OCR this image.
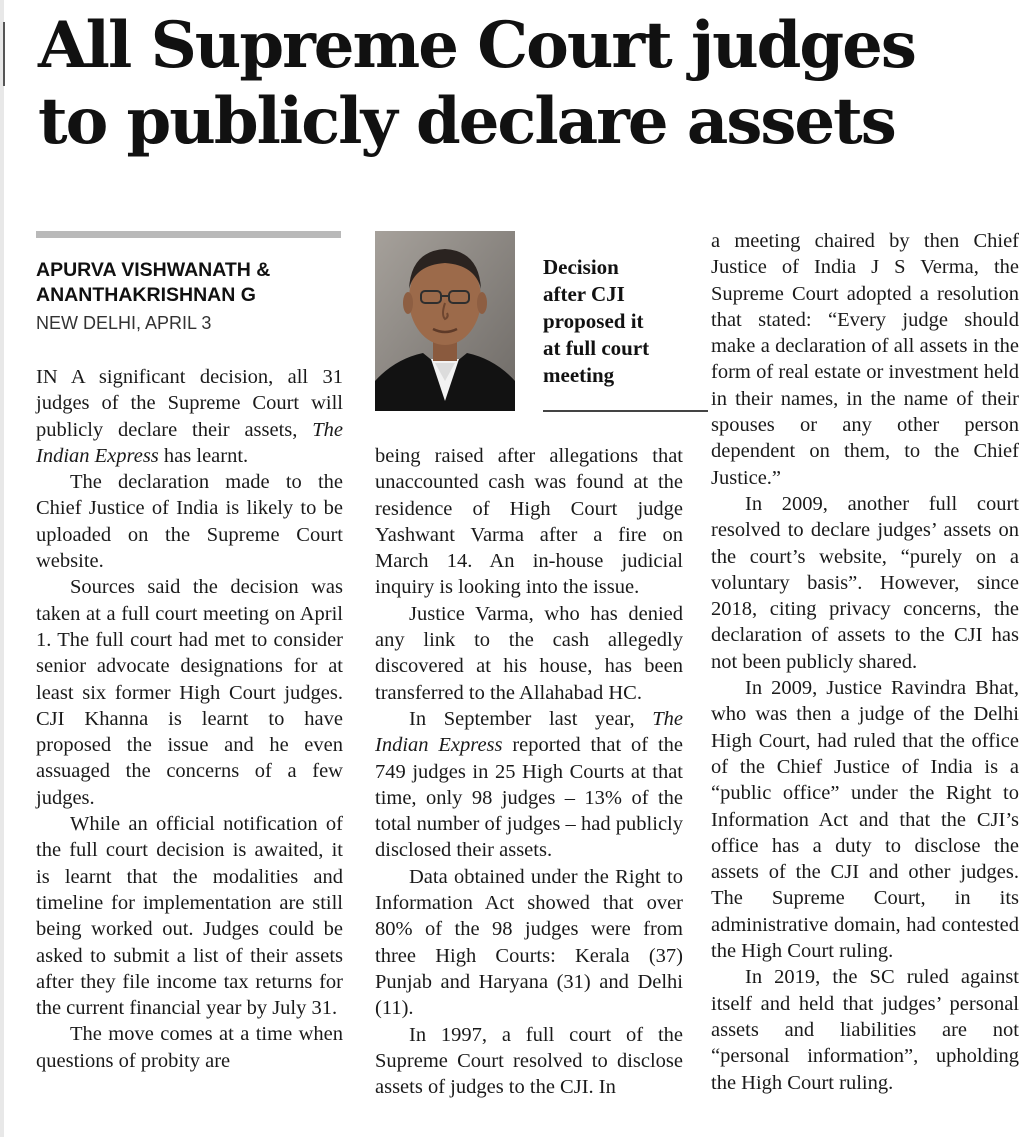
All Supreme Court judges
to publicly declare assets
APURVA VISHWANATH &
ANANTHAKRISHNAN G
NEW DELHI, APRIL 3
Decision
after CJI
proposed it
at full court
meeting

IN A significant decision, all 31 judges of the Supreme Court will publicly declare their assets, The Indian Express has learnt.

The declaration made to the Chief Justice of India is likely to be uploaded on the Supreme Court website.

Sources said the decision was taken at a full court meeting on April 1. The full court had met to consider senior advocate designations for at least six former High Court judges. CJI Khanna is learnt to have proposed the issue and he even assuaged the concerns of a few judges.

While an official notification of the full court decision is awaited, it is learnt that the modalities and timeline for implementation are still being worked out. Judges could be asked to submit a list of their assets after they file income tax returns for the current financial year by July 31.

The move comes at a time when questions of probity are

being raised after allegations that unaccounted cash was found at the residence of High Court judge Yashwant Varma after a fire on March 14. An in-house judicial inquiry is looking into the issue.

Justice Varma, who has denied any link to the cash allegedly discovered at his house, has been transferred to the Allahabad HC.

In September last year, The Indian Express reported that of the 749 judges in 25 High Courts at that time, only 98 judges – 13% of the total number of judges – had publicly disclosed their assets.

Data obtained under the Right to Information Act showed that over 80% of the 98 judges were from three High Courts: Kerala (37) Punjab and Haryana (31) and Delhi (11).

In 1997, a full court of the Supreme Court resolved to disclose assets of judges to the CJI. In

a meeting chaired by then Chief Justice of India J S Verma, the Supreme Court adopted a resolution that stated: “Every judge should make a declaration of all assets in the form of real estate or investment held in their names, in the name of their spouses or any other person dependent on them, to the Chief Justice.”

In 2009, another full court resolved to declare judges’ assets on the court’s website, “purely on a voluntary basis”. However, since 2018, citing privacy concerns, the declaration of assets to the CJI has not been publicly shared.

In 2009, Justice Ravindra Bhat, who was then a judge of the Delhi High Court, had ruled that the office of the Chief Justice of India is a “public office” under the Right to Information Act and that the CJI’s office has a duty to disclose the assets of the CJI and other judges. The Supreme Court, in its administrative domain, had contested the High Court ruling.

In 2019, the SC ruled against itself and held that judges’ personal assets and liabilities are not “personal information”, upholding the High Court ruling.
